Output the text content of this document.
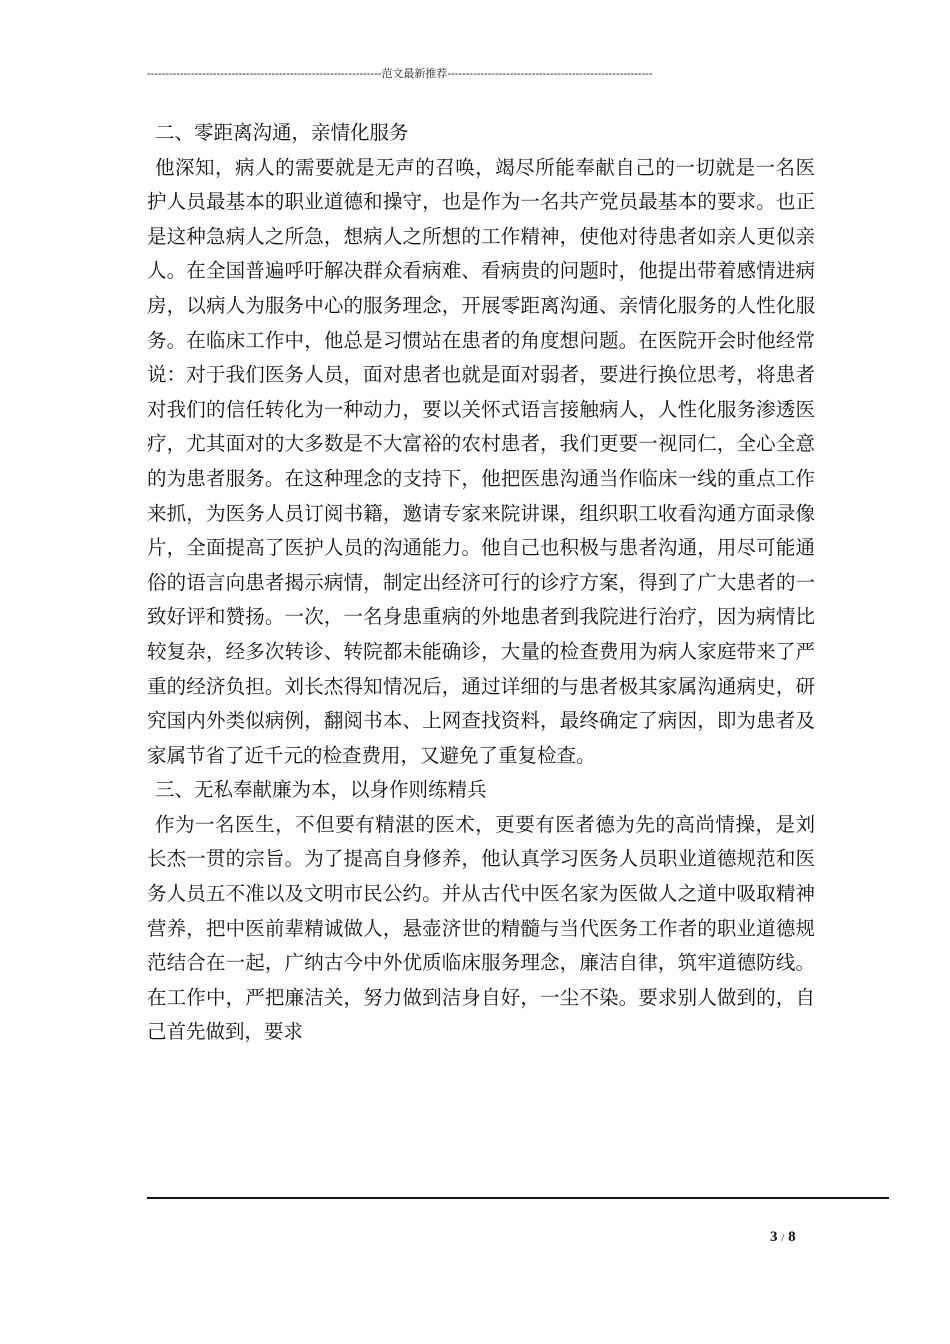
----------------------------------------------------------------范文最新推荐--------------------------------------------------------

二、零距离沟通，亲情化服务

他深知，病人的需要就是无声的召唤，竭尽所能奉献自己的一切就是一名医护人员最基本的职业道德和操守，也是作为一名共产党员最基本的要求。也正是这种急病人之所急，想病人之所想的工作精神，使他对待患者如亲人更似亲人。在全国普遍呼吁解决群众看病难、看病贵的问题时，他提出带着感情进病房，以病人为服务中心的服务理念，开展零距离沟通、亲情化服务的人性化服务。在临床工作中，他总是习惯站在患者的角度想问题。在医院开会时他经常说：对于我们医务人员，面对患者也就是面对弱者，要进行换位思考，将患者对我们的信任转化为一种动力，要以关怀式语言接触病人，人性化服务渗透医疗，尤其面对的大多数是不大富裕的农村患者，我们更要一视同仁，全心全意的为患者服务。在这种理念的支持下，他把医患沟通当作临床一线的重点工作来抓，为医务人员订阅书籍，邀请专家来院讲课，组织职工收看沟通方面录像片，全面提高了医护人员的沟通能力。他自己也积极与患者沟通，用尽可能通俗的语言向患者揭示病情，制定出经济可行的诊疗方案，得到了广大患者的一致好评和赞扬。一次，一名身患重病的外地患者到我院进行治疗，因为病情比较复杂，经多次转诊、转院都未能确诊，大量的检查费用为病人家庭带来了严重的经济负担。刘长杰得知情况后，通过详细的与患者极其家属沟通病史，研究国内外类似病例，翻阅书本、上网查找资料，最终确定了病因，即为患者及家属节省了近千元的检查费用，又避免了重复检查。

三、无私奉献廉为本，以身作则练精兵

作为一名医生，不但要有精湛的医术，更要有医者德为先的高尚情操，是刘长杰一贯的宗旨。为了提高自身修养，他认真学习医务人员职业道德规范和医务人员五不准以及文明市民公约。并从古代中医名家为医做人之道中吸取精神营养，把中医前辈精诚做人，悬壶济世的精髓与当代医务工作者的职业道德规范结合在一起，广纳古今中外优质临床服务理念，廉洁自律，筑牢道德防线。在工作中，严把廉洁关，努力做到洁身自好，一尘不染。要求别人做到的，自己首先做到，要求

3 / 8
